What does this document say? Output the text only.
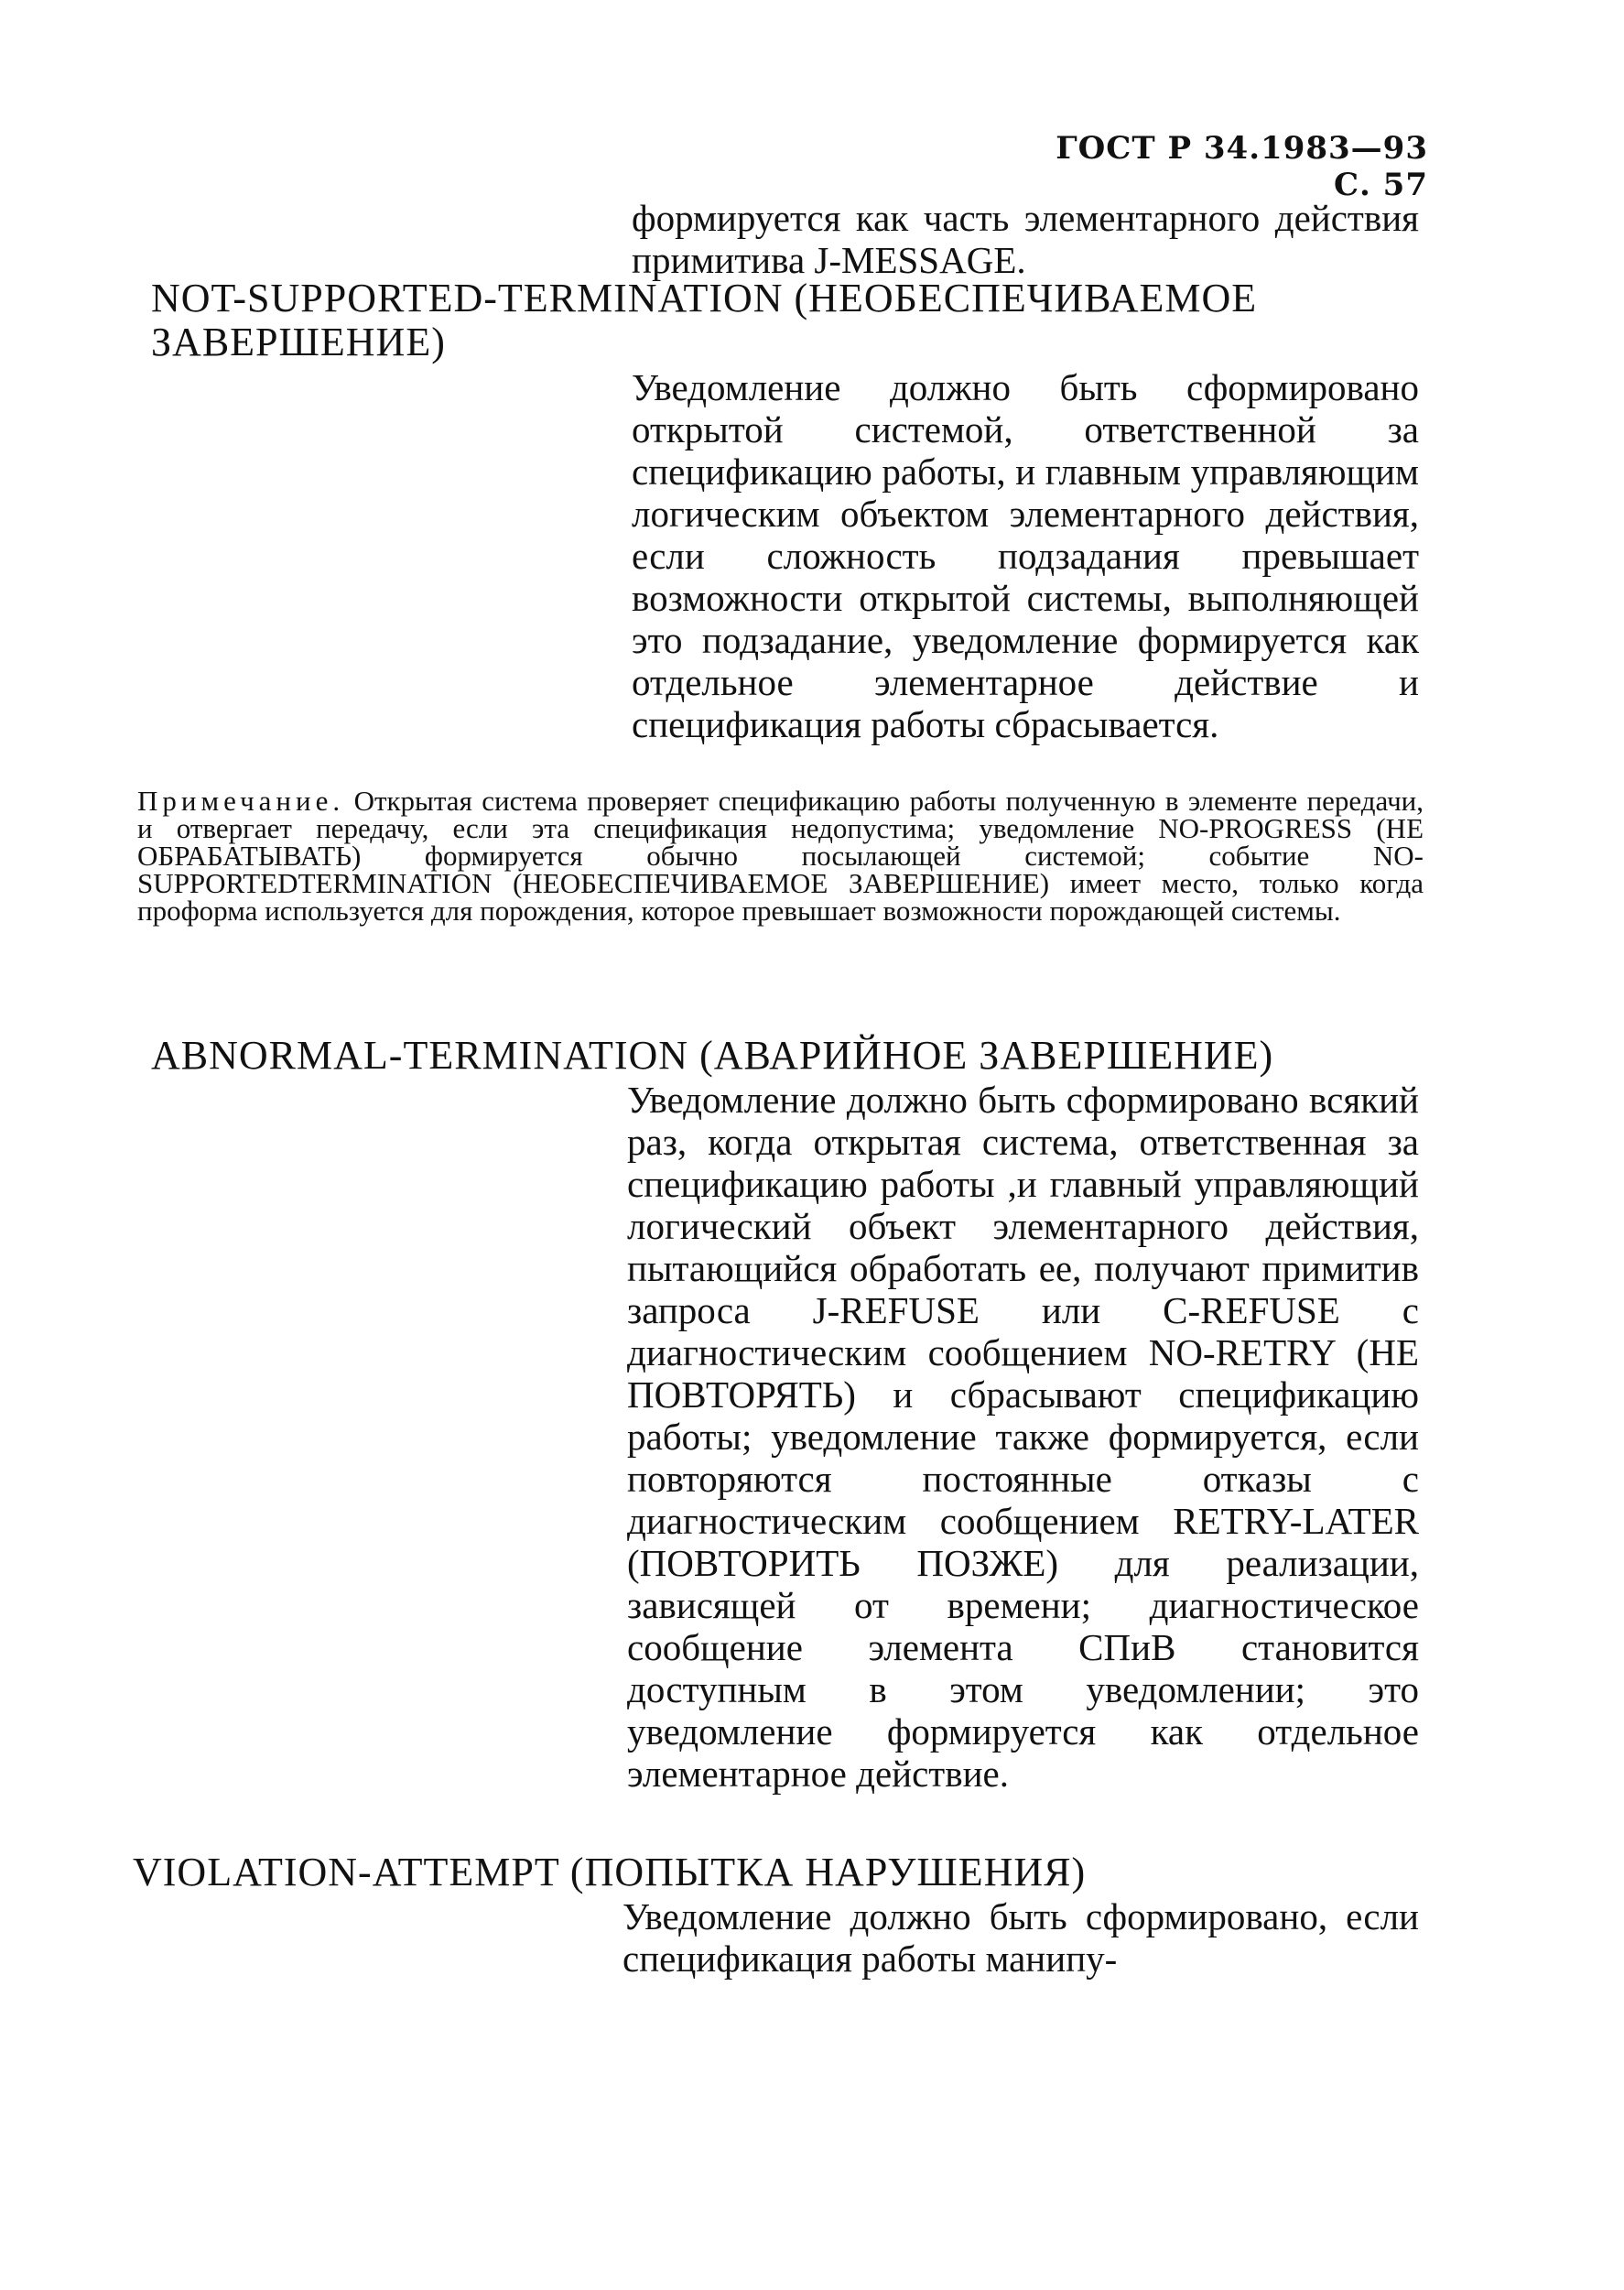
ГОСТ Р 34.1983—93 С. 57
формируется как часть элементарного действия примитива J-MESSAGE.
NOT-SUPPORTED-TERMINATION (НЕОБЕСПЕЧИВАЕМОЕ ЗАВЕРШЕНИЕ)
Уведомление должно быть сформировано открытой системой, ответственной за спецификацию работы, и главным управляющим логическим объектом элементарного действия, если сложность подзадания превышает возможности открытой системы, выполняющей это подзадание, уведомление формируется как отдельное элементарное действие и спецификация работы сбрасывается.
Примечание. Открытая система проверяет спецификацию работы полученную в элементе передачи, и отвергает передачу, если эта спецификация недопустима; уведомление NO-PROGRESS (НЕ ОБРАБАТЫВАТЬ) формируется обычно посылающей системой; событие NO-SUPPORTEDTERMINATION (НЕОБЕСПЕЧИВАЕМОЕ ЗАВЕРШЕНИЕ) имеет место, только когда проформа используется для порождения, которое превышает возможности порождающей системы.
ABNORMAL-TERMINATION (АВАРИЙНОЕ ЗАВЕРШЕНИЕ)
Уведомление должно быть сформировано всякий раз, когда открытая система, ответственная за спецификацию работы ,и главный управляющий логический объект элементарного действия, пытающийся обработать ее, получают примитив запроса J-REFUSE или C-REFUSE с диагностическим сообщением NO-RETRY (НЕ ПОВТОРЯТЬ) и сбрасывают спецификацию работы; уведомление также формируется, если повторяются постоянные отказы с диагностическим сообщением RETRY-LATER (ПОВТОРИТЬ ПОЗЖЕ) для реализации, зависящей от времени; диагностическое сообщение элемента СПиВ становится доступным в этом уведомлении; это уведомление формируется как отдельное элементарное действие.
VIOLATION-ATTEMPT (ПОПЫТКА НАРУШЕНИЯ)
Уведомление должно быть сформировано, если спецификация работы манипу-
